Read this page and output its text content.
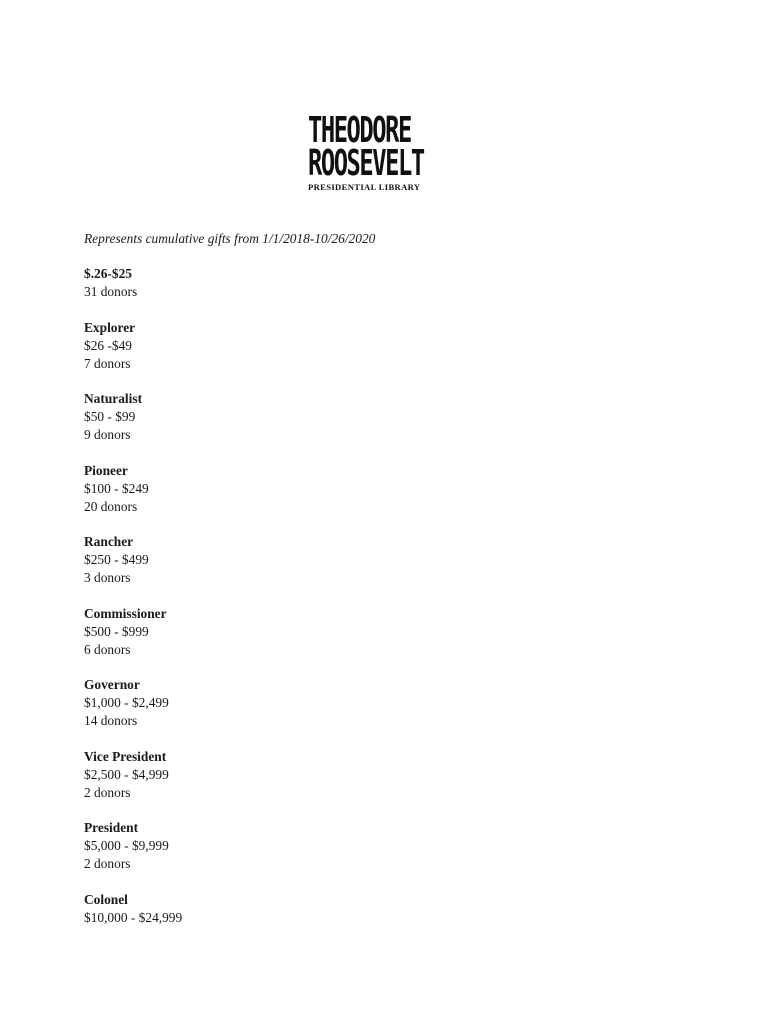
THEODORE
ROOSEVELT
PRESIDENTIAL LIBRARY

Represents cumulative gifts from 1/1/2018-10/26/2020

$.26-$25
31 donors
Explorer
$26 -$49
7 donors
Naturalist
$50 - $99
9 donors
Pioneer
$100 - $249
20 donors
Rancher
$250 - $499
3 donors
Commissioner
$500 - $999
6 donors
Governor
$1,000 - $2,499
14 donors
Vice President
$2,500 - $4,999
2 donors
President
$5,000 - $9,999
2 donors
Colonel
$10,000 - $24,999
